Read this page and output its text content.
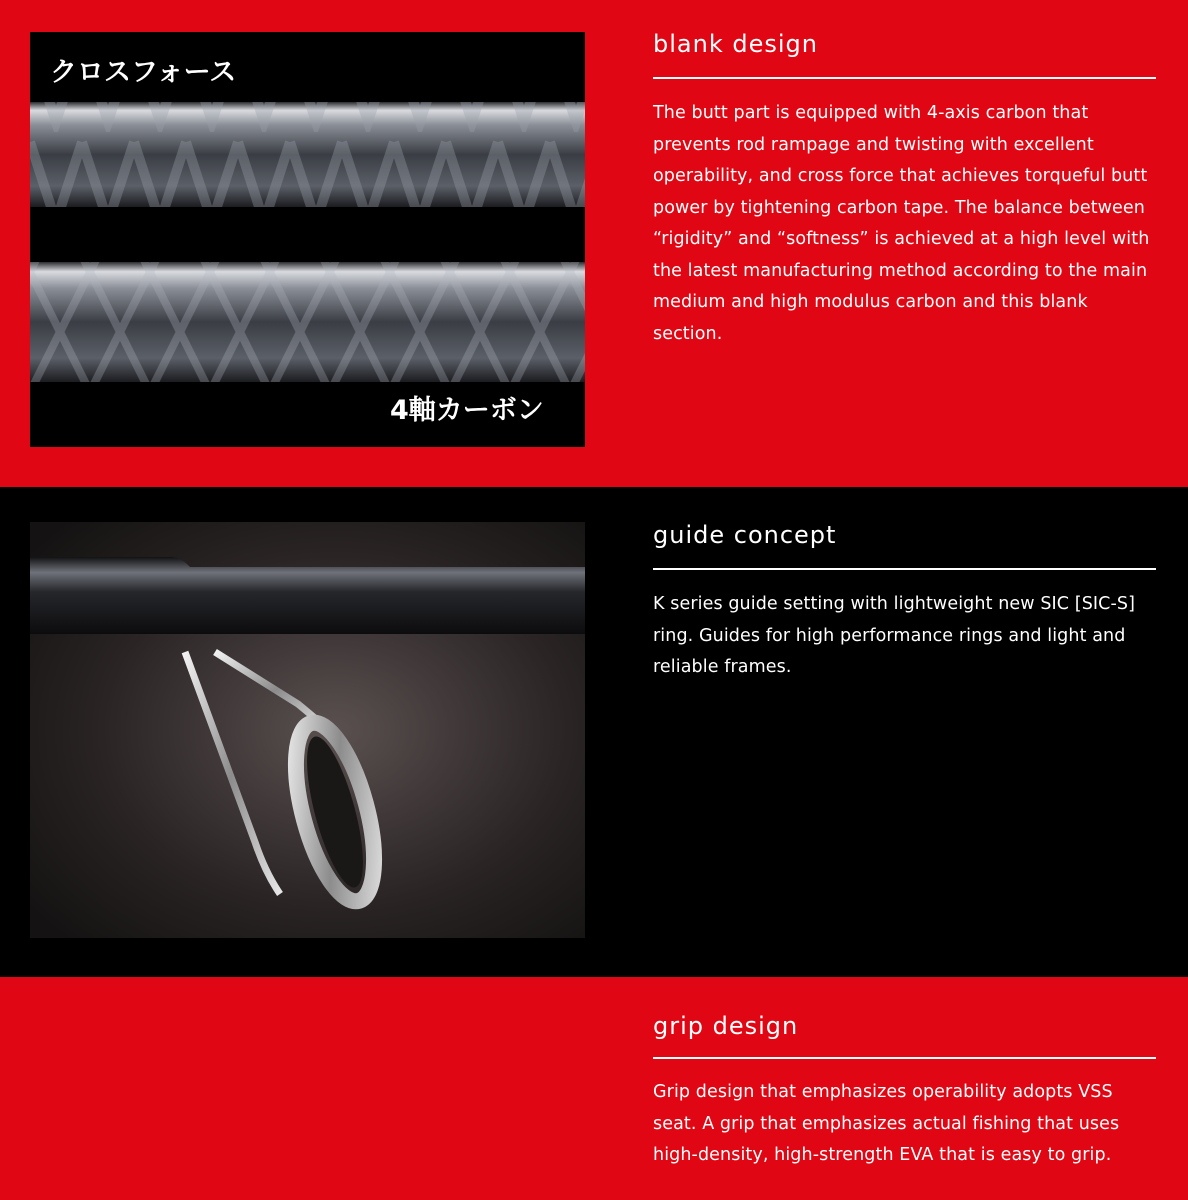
クロスフォース
4軸カーボン
blank design
The butt part is equipped with 4-axis carbon that prevents rod rampage and twisting with excellent operability, and cross force that achieves torqueful butt power by tightening carbon tape. The balance between “rigidity” and “softness” is achieved at a high level with the latest manufacturing method according to the main medium and high modulus carbon and this blank section.
guide concept
K series guide setting with lightweight new SIC [SIC-S] ring. Guides for high performance rings and light and reliable frames.
grip design
Grip design that emphasizes operability adopts VSS seat. A grip that emphasizes actual fishing that uses high-density, high-strength EVA that is easy to grip.
